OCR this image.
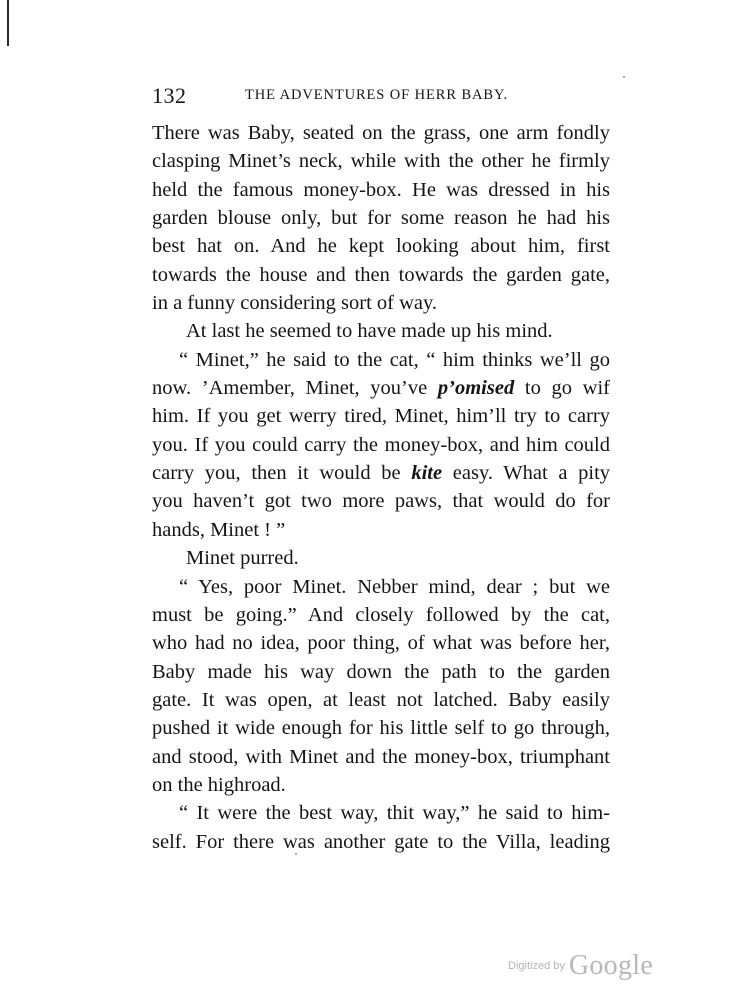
132	THE ADVENTURES OF HERR BABY.
There was Baby, seated on the grass, one arm fondly
clasping Minet’s neck, while with the other he firmly
held the famous money-box. He was dressed in his
garden blouse only, but for some reason he had his
best hat on. And he kept looking about him, first
towards the house and then towards the garden gate,
in a funny considering sort of way.
At last he seemed to have made up his mind.
“ Minet,” he said to the cat, “ him thinks we’ll go
now. ’Amember, Minet, you’ve p’omised to go wif
him. If you get werry tired, Minet, him’ll try to carry
you. If you could carry the money-box, and him could
carry you, then it would be kite easy. What a pity
you haven’t got two more paws, that would do for
hands, Minet ! ”
Minet purred.
“ Yes, poor Minet. Nebber mind, dear ; but we
must be going.” And closely followed by the cat,
who had no idea, poor thing, of what was before her,
Baby made his way down the path to the garden
gate. It was open, at least not latched. Baby easily
pushed it wide enough for his little self to go through,
and stood, with Minet and the money-box, triumphant
on the highroad.
“ It were the best way, thit way,” he said to him-
self. For there was another gate to the Villa, leading
Digitized by Google
